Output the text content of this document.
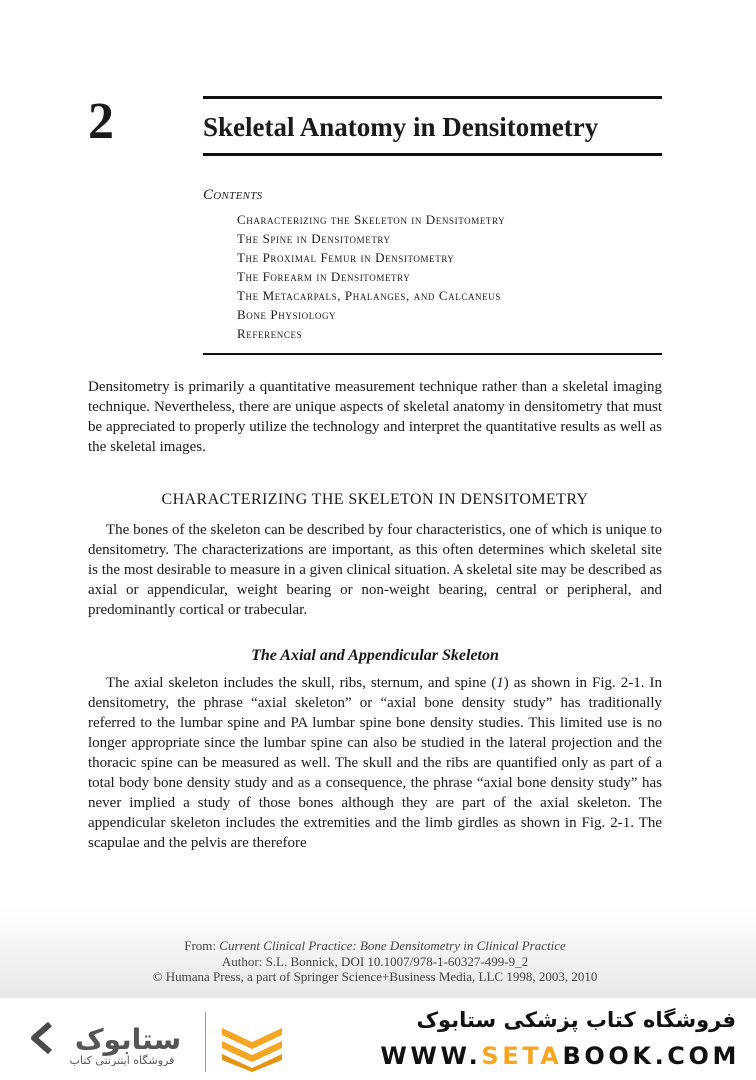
2	Skeletal Anatomy in Densitometry
Contents
Characterizing the Skeleton in Densitometry
The Spine in Densitometry
The Proximal Femur in Densitometry
The Forearm in Densitometry
The Metacarpals, Phalanges, and Calcaneus
Bone Physiology
References

Densitometry is primarily a quantitative measurement technique rather than a skeletal imaging technique. Nevertheless, there are unique aspects of skeletal anatomy in densitometry that must be appreciated to properly utilize the technology and interpret the quantitative results as well as the skeletal images.

CHARACTERIZING THE SKELETON IN DENSITOMETRY

The bones of the skeleton can be described by four characteristics, one of which is unique to densitometry. The characterizations are important, as this often determines which skeletal site is the most desirable to measure in a given clinical situation. A skeletal site may be described as axial or appendicular, weight bearing or non-weight bearing, central or peripheral, and predominantly cortical or trabecular.

The Axial and Appendicular Skeleton

The axial skeleton includes the skull, ribs, sternum, and spine (1) as shown in Fig. 2-1. In densitometry, the phrase “axial skeleton” or “axial bone density study” has traditionally referred to the lumbar spine and PA lumbar spine bone density studies. This limited use is no longer appropriate since the lumbar spine can also be studied in the lateral projection and the thoracic spine can be measured as well. The skull and the ribs are quantified only as part of a total body bone density study and as a consequence, the phrase “axial bone density study” has never implied a study of those bones although they are part of the axial skeleton. The appendicular skeleton includes the extremities and the limb girdles as shown in Fig. 2-1. The scapulae and the pelvis are therefore

From: Current Clinical Practice: Bone Densitometry in Clinical Practice
Author: S.L. Bonnick, DOI 10.1007/978-1-60327-499-9_2
© Humana Press, a part of Springer Science+Business Media, LLC 1998, 2003, 2010
ستابوک
فروشگاه اینترنتی کتاب
فروشگاه کتاب پزشکی ستابوک
WWW.SETABOOK.COM
